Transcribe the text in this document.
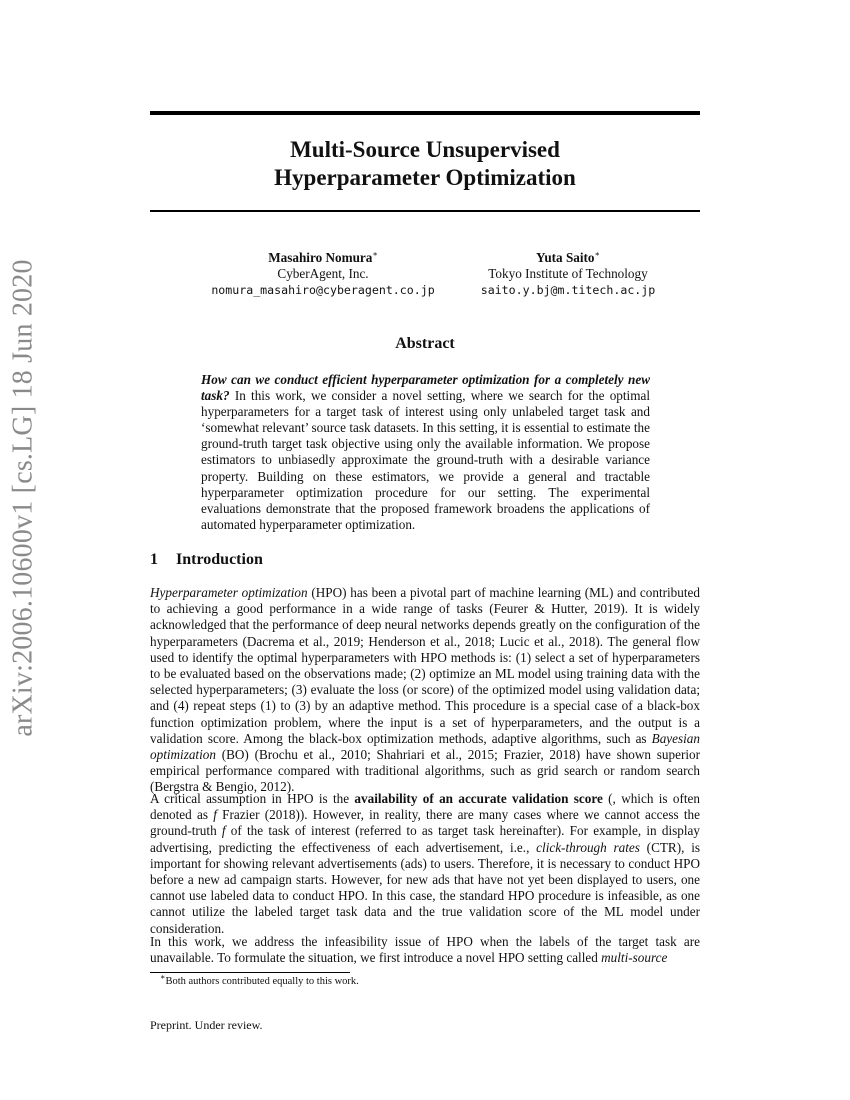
arXiv:2006.10600v1 [cs.LG] 18 Jun 2020
Multi-Source Unsupervised
Hyperparameter Optimization
Masahiro Nomura∗
CyberAgent, Inc.
nomura_masahiro@cyberagent.co.jp
Yuta Saito∗
Tokyo Institute of Technology
saito.y.bj@m.titech.ac.jp
Abstract
How can we conduct efficient hyperparameter optimization for a completely new task? In this work, we consider a novel setting, where we search for the optimal hyperparameters for a target task of interest using only unlabeled target task and ‘somewhat relevant’ source task datasets. In this setting, it is essential to estimate the ground-truth target task objective using only the available information. We propose estimators to unbiasedly approximate the ground-truth with a desirable variance property. Building on these estimators, we provide a general and tractable hyperparameter optimization procedure for our setting. The experimental evaluations demonstrate that the proposed framework broadens the applications of automated hyperparameter optimization.
1 Introduction
Hyperparameter optimization (HPO) has been a pivotal part of machine learning (ML) and contributed to achieving a good performance in a wide range of tasks (Feurer & Hutter, 2019). It is widely acknowledged that the performance of deep neural networks depends greatly on the configuration of the hyperparameters (Dacrema et al., 2019; Henderson et al., 2018; Lucic et al., 2018). The general flow used to identify the optimal hyperparameters with HPO methods is: (1) select a set of hyperparameters to be evaluated based on the observations made; (2) optimize an ML model using training data with the selected hyperparameters; (3) evaluate the loss (or score) of the optimized model using validation data; and (4) repeat steps (1) to (3) by an adaptive method. This procedure is a special case of a black-box function optimization problem, where the input is a set of hyperparameters, and the output is a validation score. Among the black-box optimization methods, adaptive algorithms, such as Bayesian optimization (BO) (Brochu et al., 2010; Shahriari et al., 2015; Frazier, 2018) have shown superior empirical performance compared with traditional algorithms, such as grid search or random search (Bergstra & Bengio, 2012).
A critical assumption in HPO is the availability of an accurate validation score (, which is often denoted as f Frazier (2018)). However, in reality, there are many cases where we cannot access the ground-truth f of the task of interest (referred to as target task hereinafter). For example, in display advertising, predicting the effectiveness of each advertisement, i.e., click-through rates (CTR), is important for showing relevant advertisements (ads) to users. Therefore, it is necessary to conduct HPO before a new ad campaign starts. However, for new ads that have not yet been displayed to users, one cannot use labeled data to conduct HPO. In this case, the standard HPO procedure is infeasible, as one cannot utilize the labeled target task data and the true validation score of the ML model under consideration.
In this work, we address the infeasibility issue of HPO when the labels of the target task are unavailable. To formulate the situation, we first introduce a novel HPO setting called multi-source
∗Both authors contributed equally to this work.
Preprint. Under review.
